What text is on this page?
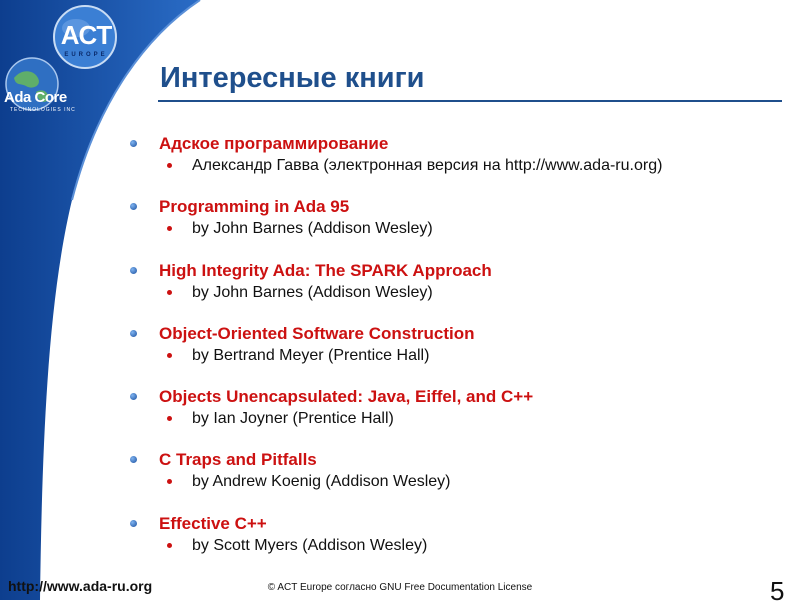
ACT
EUROPE
Ada Core
TECHNOLOGIES INC
Интересные книги
Адское программирование
Александр Гавва (электронная версия на http://www.ada-ru.org)
Programming in Ada 95
by John Barnes (Addison Wesley)
High Integrity Ada: The SPARK Approach
by John Barnes (Addison Wesley)
Object-Oriented Software Construction
by Bertrand Meyer (Prentice Hall)
Objects Unencapsulated: Java, Eiffel, and C++
by Ian Joyner (Prentice Hall)
C Traps and Pitfalls
by Andrew Koenig (Addison Wesley)
Effective C++
by Scott Myers (Addison Wesley)
http://www.ada-ru.org	© ACT Europe согласно GNU Free Documentation License	5
